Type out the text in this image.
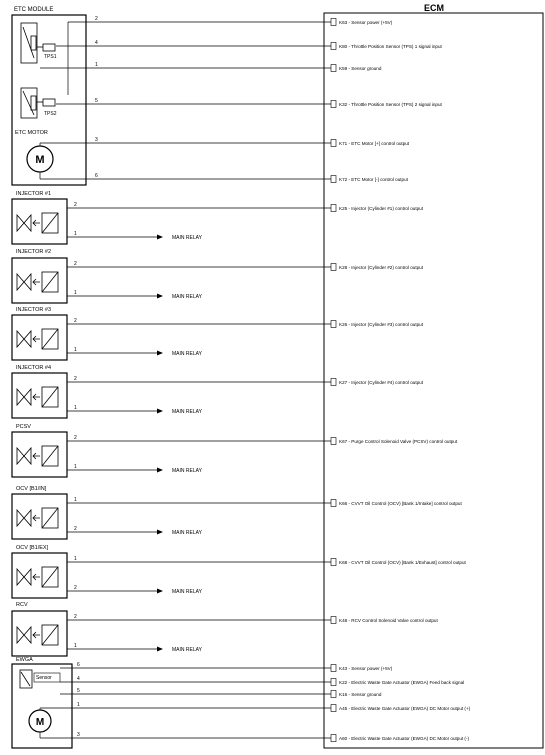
ECM
ETC MODULE
TPS1
TPS2
ETC MOTOR
M
2
K63 - Sensor power (+5V)
4
K80 - Throttle Position Sensor (TPS) 1 signal input
1
K59 - Sensor ground
5
K32 - Throttle Position Sensor (TPS) 2 signal input
3
K71 - ETC Motor [+] control output
6
K72 - ETC Motor [-] control output
INJECTOR #1
2
K25 - Injector (Cylinder #1) control output
1
MAIN RELAY
INJECTOR #2
2
K28 - Injector (Cylinder #2) control output
1
MAIN RELAY
INJECTOR #3
2
K26 - Injector (Cylinder #3) control output
1
MAIN RELAY
INJECTOR #4
2
K27 - Injector (Cylinder #4) control output
1
MAIN RELAY
PCSV
2
K67 - Purge Control Solenoid Valve (PCSV) control output
1
MAIN RELAY
OCV [B1/IN]
1
K66 - CVVT Oil Control (OCV) [Bank 1/Intake] control output
2
MAIN RELAY
OCV [B1/EX]
1
K68 - CVVT Oil Control (OCV) [Bank 1/Exhaust] control output
2
MAIN RELAY
RCV
2
K48 - RCV Control Solenoid Valve control output
1
MAIN RELAY
EWGA
Sensor
M
6
K43 - Sensor power (+5V)
4
K22 - Electric Waste Gate Actuator (EWGA) Feed back signal
5
K16 - Sensor ground
1
A45 - Electric Waste Gate Actuator (EWGA) DC Motor output (+)
3
A60 - Electric Waste Gate Actuator (EWGA) DC Motor output (-)
